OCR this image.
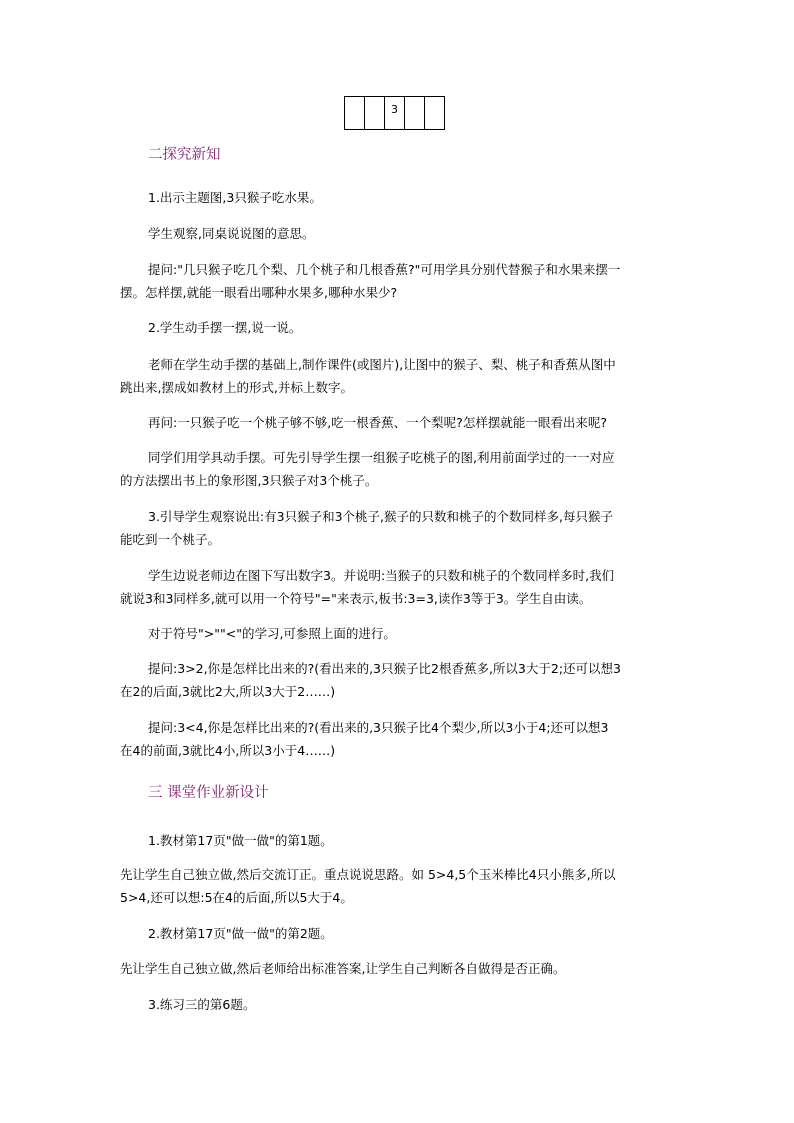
3
二探究新知

1.出示主题图,3只猴子吃水果。

学生观察,同桌说说图的意思。

提问:"几只猴子吃几个梨、几个桃子和几根香蕉?"可用学具分别代替猴子和水果来摆一

摆。怎样摆,就能一眼看出哪种水果多,哪种水果少?

2.学生动手摆一摆,说一说。

老师在学生动手摆的基础上,制作课件(或图片),让图中的猴子、梨、桃子和香蕉从图中

跳出来,摆成如教材上的形式,并标上数字。

再问:一只猴子吃一个桃子够不够,吃一根香蕉、一个梨呢?怎样摆就能一眼看出来呢?

同学们用学具动手摆。可先引导学生摆一组猴子吃桃子的图,利用前面学过的一一对应

的方法摆出书上的象形图,3只猴子对3个桃子。

3.引导学生观察说出:有3只猴子和3个桃子,猴子的只数和桃子的个数同样多,每只猴子

能吃到一个桃子。

学生边说老师边在图下写出数字3。并说明:当猴子的只数和桃子的个数同样多时,我们

就说3和3同样多,就可以用一个符号"="来表示,板书:3=3,读作3等于3。学生自由读。

对于符号">""<"的学习,可参照上面的进行。

提问:3>2,你是怎样比出来的?(看出来的,3只猴子比2根香蕉多,所以3大于2;还可以想3

在2的后面,3就比2大,所以3大于2……)

提问:3<4,你是怎样比出来的?(看出来的,3只猴子比4个梨少,所以3小于4;还可以想3

在4的前面,3就比4小,所以3小于4……)

三 课堂作业新设计

1.教材第17页"做一做"的第1题。

先让学生自己独立做,然后交流订正。重点说说思路。如 5>4,5个玉米棒比4只小熊多,所以

5>4,还可以想:5在4的后面,所以5大于4。

2.教材第17页"做一做"的第2题。

先让学生自己独立做,然后老师给出标准答案,让学生自己判断各自做得是否正确。

3.练习三的第6题。
